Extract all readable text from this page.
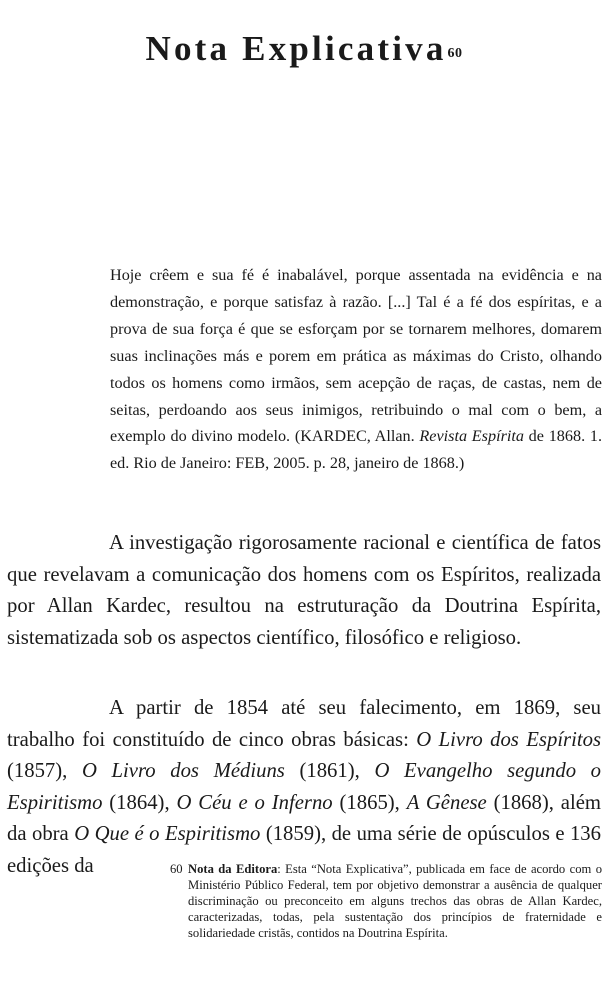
Nota Explicativa$^{60}$

Hoje crêem e sua fé é inabalável, porque assentada na evidência e na demonstração, e porque satisfaz à razão. [...] Tal é a fé dos espíritas, e a prova de sua força é que se esforçam por se tornarem melhores, domarem suas inclinações más e porem em prática as máximas do Cristo, olhando todos os homens como irmãos, sem acepção de raças, de castas, nem de seitas, perdoando aos seus inimigos, retribuindo o mal com o bem, a exemplo do divino modelo. (KARDEC, Allan. Revista Espírita de 1868. 1. ed. Rio de Janeiro: FEB, 2005. p. 28, janeiro de 1868.)

A investigação rigorosamente racional e científica de fatos que revelavam a comunicação dos homens com os Espíritos, realizada por Allan Kardec, resultou na estruturação da Doutrina Espírita, sistematizada sob os aspectos científico, filosófico e religioso.

A partir de 1854 até seu falecimento, em 1869, seu trabalho foi constituído de cinco obras básicas: O Livro dos Espíritos (1857), O Livro dos Médiuns (1861), O Evangelho segundo o Espiritismo (1864), O Céu e o Inferno (1865), A Gênese (1868), além da obra O Que é o Espiritismo (1859), de uma série de opúsculos e 136 edições da	60 Nota da Editora: Esta “Nota Explicativa”, publicada em face de acordo com o Ministério Público Federal, tem por objetivo demonstrar a ausência de qualquer discriminação ou preconceito em alguns trechos das obras de Allan Kardec, caracterizadas, todas, pela sustentação dos princípios de fraternidade e solidariedade cristãs, contidos na Doutrina Espírita.
